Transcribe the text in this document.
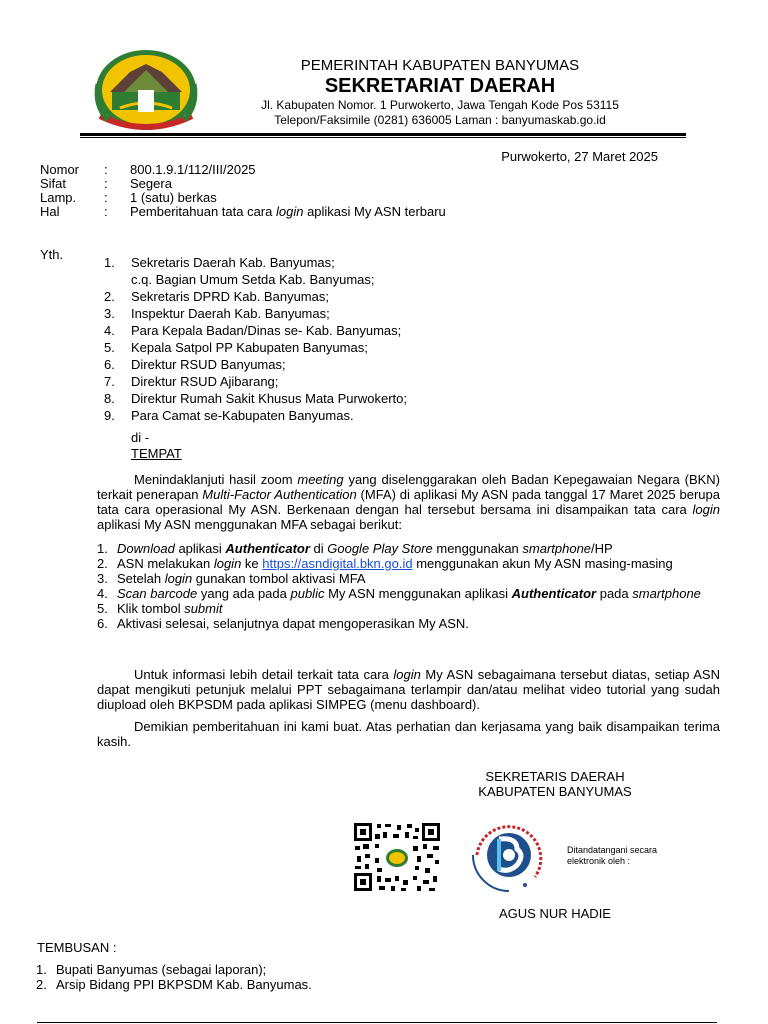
PEMERINTAH KABUPATEN BANYUMAS
SEKRETARIAT DAERAH
Jl. Kabupaten Nomor. 1 Purwokerto, Jawa Tengah Kode Pos 53115
Telepon/Faksimile (0281) 636005 Laman : banyumaskab.go.id
Purwokerto, 27 Maret 2025
Nomor : 800.1.9.1/112/III/2025
Sifat	: Segera
Lamp. : 1 (satu) berkas
Hal	: Pemberitahuan tata cara login aplikasi My ASN terbaru
Yth.
1. Sekretaris Daerah Kab. Banyumas;
c.q. Bagian Umum Setda Kab. Banyumas;
2. Sekretaris DPRD Kab. Banyumas;
3. Inspektur Daerah Kab. Banyumas;
4. Para Kepala Badan/Dinas se- Kab. Banyumas;
5. Kepala Satpol PP Kabupaten Banyumas;
6. Direktur RSUD Banyumas;
7. Direktur RSUD Ajibarang;
8. Direktur Rumah Sakit Khusus Mata Purwokerto;
9. Para Camat se-Kabupaten Banyumas.
di -
TEMPAT
Menindaklanjuti hasil zoom meeting yang diselenggarakan oleh Badan Kepegawaian Negara (BKN) terkait penerapan Multi-Factor Authentication (MFA) di aplikasi My ASN pada tanggal 17 Maret 2025 berupa tata cara operasional My ASN. Berkenaan dengan hal tersebut bersama ini disampaikan tata cara login aplikasi My ASN menggunakan MFA sebagai berikut:
1. Download aplikasi Authenticator di Google Play Store menggunakan smartphone/HP
2. ASN melakukan login ke https://asndigital.bkn.go.id menggunakan akun My ASN masing-masing
3. Setelah login gunakan tombol aktivasi MFA
4. Scan barcode yang ada pada public My ASN menggunakan aplikasi Authenticator pada smartphone
5. Klik tombol submit
6. Aktivasi selesai, selanjutnya dapat mengoperasikan My ASN.
Untuk informasi lebih detail terkait tata cara login My ASN sebagaimana tersebut diatas, setiap ASN dapat mengikuti petunjuk melalui PPT sebagaimana terlampir dan/atau melihat video tutorial yang sudah diupload oleh BKPSDM pada aplikasi SIMPEG (menu dashboard).
Demikian pemberitahuan ini kami buat. Atas perhatian dan kerjasama yang baik disampaikan terima kasih.
SEKRETARIS DAERAH
KABUPATEN BANYUMAS
Ditandatangani secara
elektronik oleh :
AGUS NUR HADIE
TEMBUSAN :
1. Bupati Banyumas (sebagai laporan);
2. Arsip Bidang PPI BKPSDM Kab. Banyumas.
